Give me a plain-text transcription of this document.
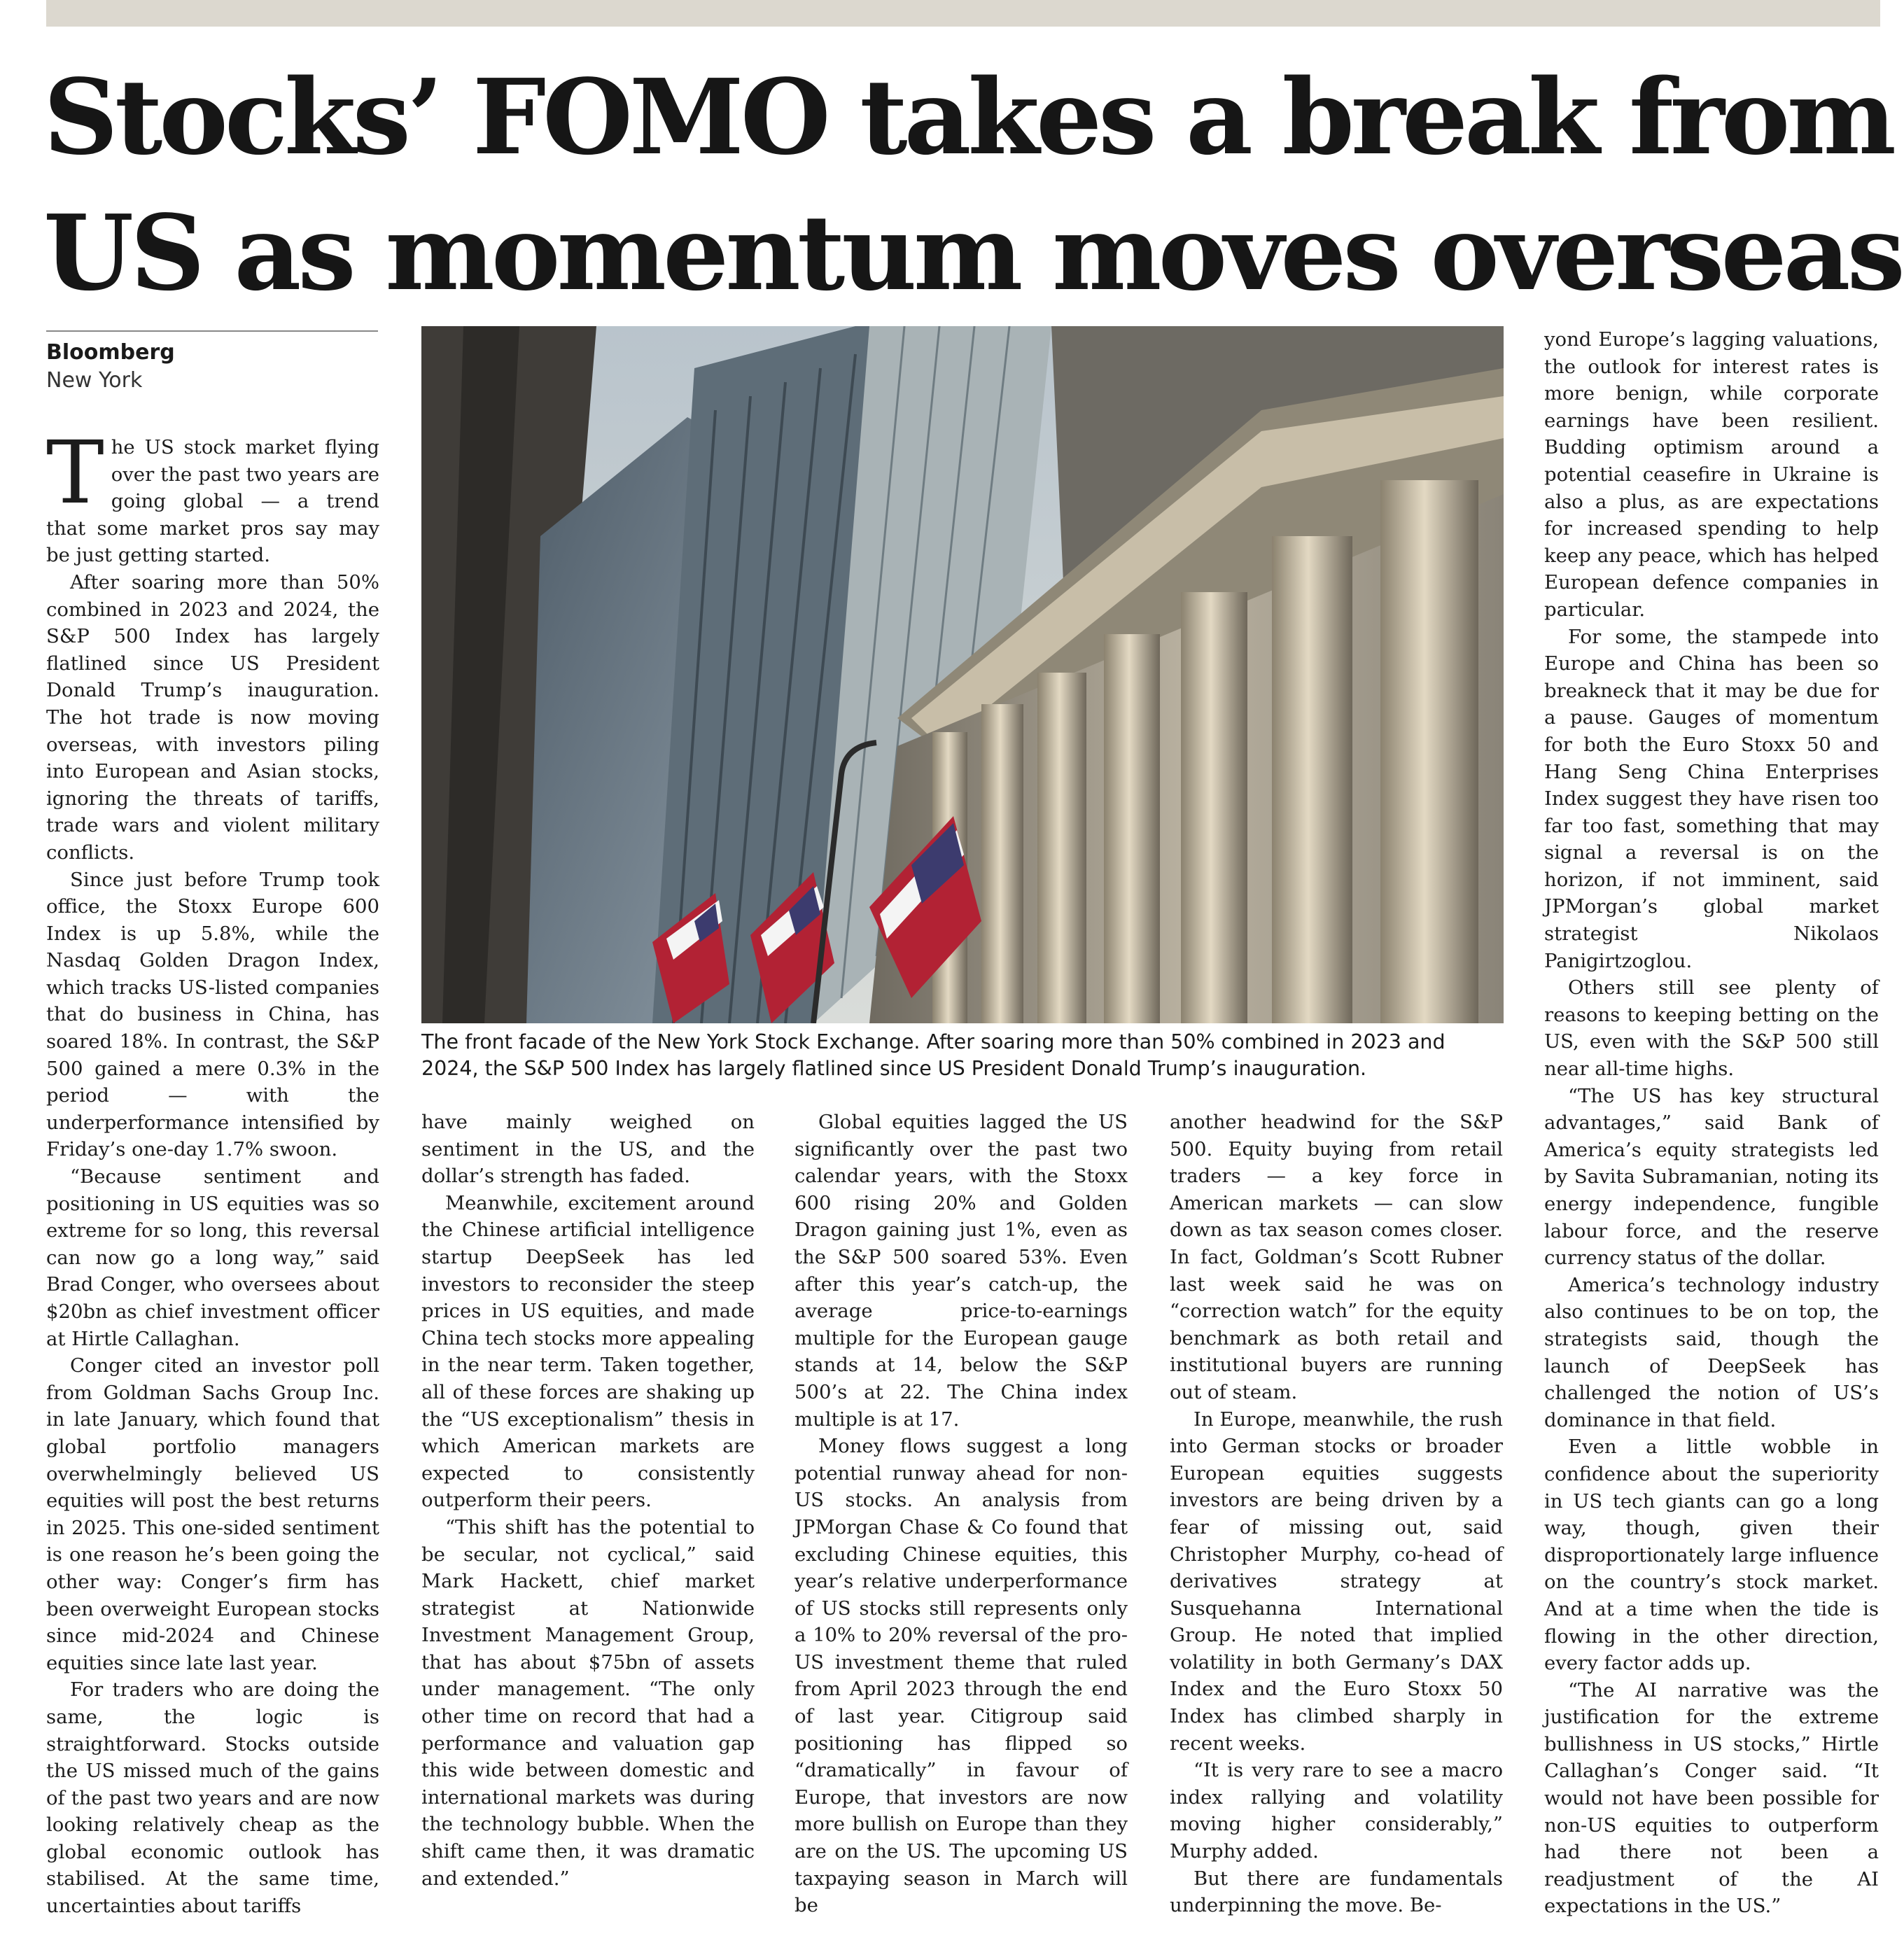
Stocks’ FOMO takes a break from
US as momentum moves overseas
Bloomberg
New York

The US stock market flying over the past two years are going global — a trend that some market pros say may be just getting started.

After soaring more than 50% combined in 2023 and 2024, the S&P 500 Index has largely flatlined since US President Donald Trump’s inauguration. The hot trade is now moving overseas, with investors piling into European and Asian stocks, ignoring the threats of tariffs, trade wars and violent military conflicts.

Since just before Trump took office, the Stoxx Europe 600 Index is up 5.8%, while the Nasdaq Golden Dragon Index, which tracks US-listed companies that do business in China, has soared 18%. In contrast, the S&P 500 gained a mere 0.3% in the period — with the underperformance intensified by Friday’s one-day 1.7% swoon.

“Because sentiment and positioning in US equities was so extreme for so long, this reversal can now go a long way,” said Brad Conger, who oversees about $20bn as chief investment officer at Hirtle Callaghan.

Conger cited an investor poll from Goldman Sachs Group Inc. in late January, which found that global portfolio managers overwhelmingly believed US equities will post the best returns in 2025. This one-sided sentiment is one reason he’s been going the other way: Conger’s firm has been overweight European stocks since mid-2024 and Chinese equities since late last year.

For traders who are doing the same, the logic is straightforward. Stocks outside the US missed much of the gains of the past two years and are now looking relatively cheap as the global economic outlook has stabilised. At the same time, uncertainties about tariffs

The front facade of the New York Stock Exchange. After soaring more than 50% combined in 2023 and 2024, the S&P 500 Index has largely flatlined since US President Donald Trump’s inauguration.

have mainly weighed on sentiment in the US, and the dollar’s strength has faded.

Meanwhile, excitement around the Chinese artificial intelligence startup DeepSeek has led investors to reconsider the steep prices in US equities, and made China tech stocks more appealing in the near term. Taken together, all of these forces are shaking up the “US exceptionalism” thesis in which American markets are expected to consistently outperform their peers.

“This shift has the potential to be secular, not cyclical,” said Mark Hackett, chief market strategist at Nationwide Investment Management Group, that has about $75bn of assets under management. “The only other time on record that had a performance and valuation gap this wide between domestic and international markets was during the technology bubble. When the shift came then, it was dramatic and extended.”

Global equities lagged the US significantly over the past two calendar years, with the Stoxx 600 rising 20% and Golden Dragon gaining just 1%, even as the S&P 500 soared 53%. Even after this year’s catch-up, the average price-to-earnings multiple for the European gauge stands at 14, below the S&P 500’s at 22. The China index multiple is at 17.

Money flows suggest a long potential runway ahead for non-US stocks. An analysis from JPMorgan Chase & Co found that excluding Chinese equities, this year’s relative underperformance of US stocks still represents only a 10% to 20% reversal of the pro-US investment theme that ruled from April 2023 through the end of last year. Citigroup said positioning has flipped so “dramatically” in favour of Europe, that investors are now more bullish on Europe than they are on the US. The upcoming US taxpaying season in March will be

another headwind for the S&P 500. Equity buying from retail traders — a key force in American markets — can slow down as tax season comes closer. In fact, Goldman’s Scott Rubner last week said he was on “correction watch” for the equity benchmark as both retail and institutional buyers are running out of steam.

In Europe, meanwhile, the rush into German stocks or broader European equities suggests investors are being driven by a fear of missing out, said Christopher Murphy, co-head of derivatives strategy at Susquehanna International Group. He noted that implied volatility in both Germany’s DAX Index and the Euro Stoxx 50 Index has climbed sharply in recent weeks.

“It is very rare to see a macro index rallying and volatility moving higher considerably,” Murphy added.

But there are fundamentals underpinning the move. Be-

yond Europe’s lagging valuations, the outlook for interest rates is more benign, while corporate earnings have been resilient. Budding optimism around a potential ceasefire in Ukraine is also a plus, as are expectations for increased spending to help keep any peace, which has helped European defence companies in particular.

For some, the stampede into Europe and China has been so breakneck that it may be due for a pause. Gauges of momentum for both the Euro Stoxx 50 and Hang Seng China Enterprises Index suggest they have risen too far too fast, something that may signal a reversal is on the horizon, if not imminent, said JPMorgan’s global market strategist Nikolaos Panigirtzoglou.

Others still see plenty of reasons to keeping betting on the US, even with the S&P 500 still near all-time highs.

“The US has key structural advantages,” said Bank of America’s equity strategists led by Savita Subramanian, noting its energy independence, fungible labour force, and the reserve currency status of the dollar.

America’s technology industry also continues to be on top, the strategists said, though the launch of DeepSeek has challenged the notion of US’s dominance in that field.

Even a little wobble in confidence about the superiority in US tech giants can go a long way, though, given their disproportionately large influence on the country’s stock market. And at a time when the tide is flowing in the other direction, every factor adds up.

“The AI narrative was the justification for the extreme bullishness in US stocks,” Hirtle Callaghan’s Conger said. “It would not have been possible for non-US equities to outperform had there not been a readjustment of the AI expectations in the US.”
